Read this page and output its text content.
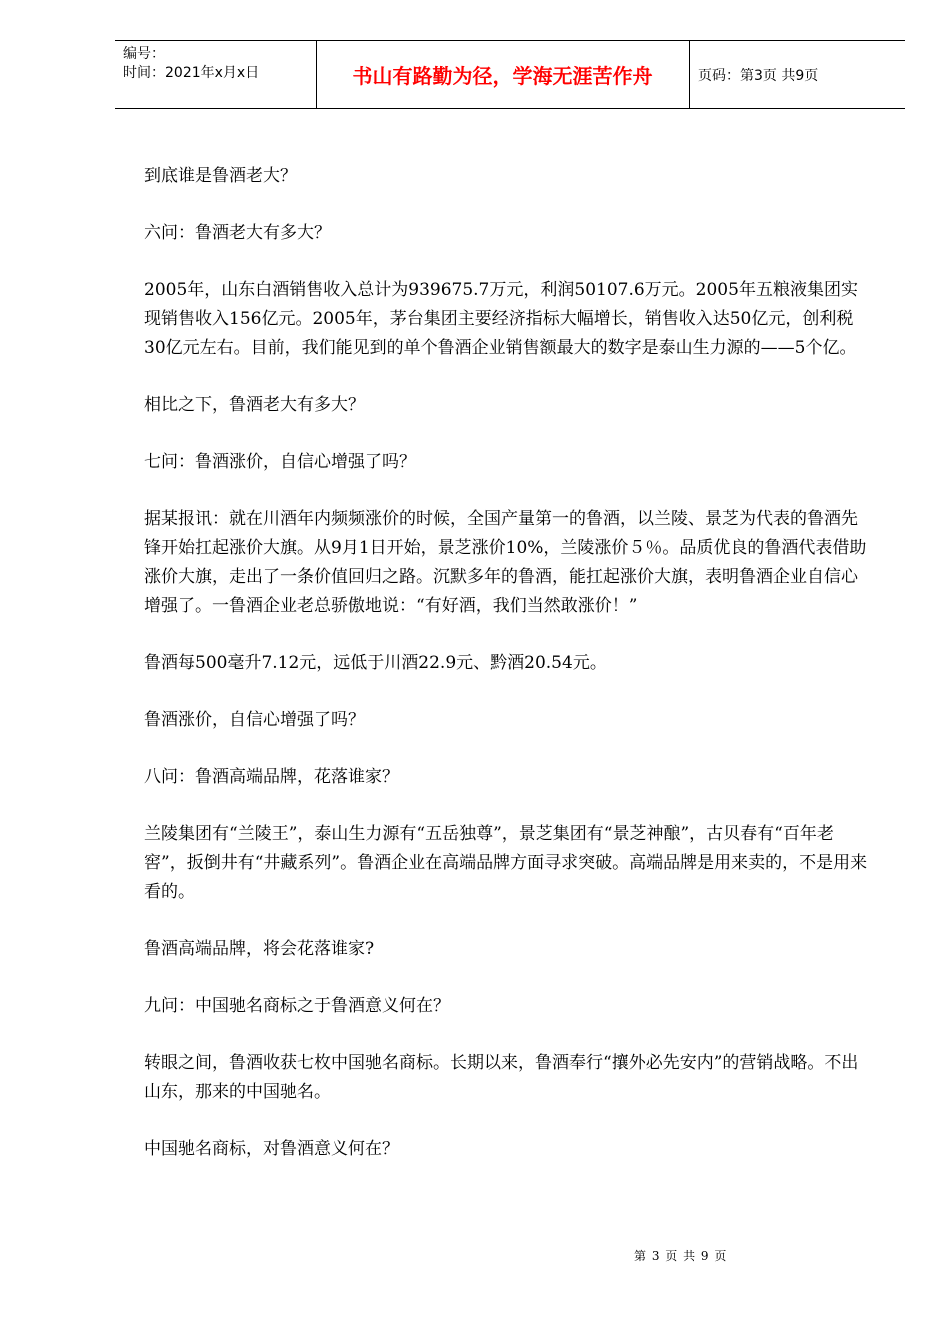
编号：
时间：2021年x月x日	书山有路勤为径，学海无涯苦作舟	页码：第3页 共9页

到底谁是鲁酒老大？

六问：鲁酒老大有多大？

2005年，山东白酒销售收入总计为939675.7万元，利润50107.6万元。2005年五粮液集团实现销售收入156亿元。2005年，茅台集团主要经济指标大幅增长，销售收入达50亿元，创利税30亿元左右。目前，我们能见到的单个鲁酒企业销售额最大的数字是泰山生力源的——5个亿。

相比之下，鲁酒老大有多大？

七问：鲁酒涨价，自信心增强了吗？

据某报讯：就在川酒年内频频涨价的时候，全国产量第一的鲁酒，以兰陵、景芝为代表的鲁酒先锋开始扛起涨价大旗。从9月1日开始，景芝涨价10%，兰陵涨价５％。品质优良的鲁酒代表借助涨价大旗，走出了一条价值回归之路。沉默多年的鲁酒，能扛起涨价大旗，表明鲁酒企业自信心增强了。一鲁酒企业老总骄傲地说：“有好酒，我们当然敢涨价！”

鲁酒每500毫升7.12元，远低于川酒22.9元、黔酒20.54元。

鲁酒涨价，自信心增强了吗？

八问：鲁酒高端品牌，花落谁家？

兰陵集团有“兰陵王”，泰山生力源有“五岳独尊”，景芝集团有“景芝神酿”，古贝春有“百年老窖”，扳倒井有“井藏系列”。鲁酒企业在高端品牌方面寻求突破。高端品牌是用来卖的，不是用来看的。

鲁酒高端品牌，将会花落谁家?

九问：中国驰名商标之于鲁酒意义何在？

转眼之间，鲁酒收获七枚中国驰名商标。长期以来，鲁酒奉行“攘外必先安内”的营销战略。不出山东，那来的中国驰名。

中国驰名商标，对鲁酒意义何在？

第 3 页 共 9 页
